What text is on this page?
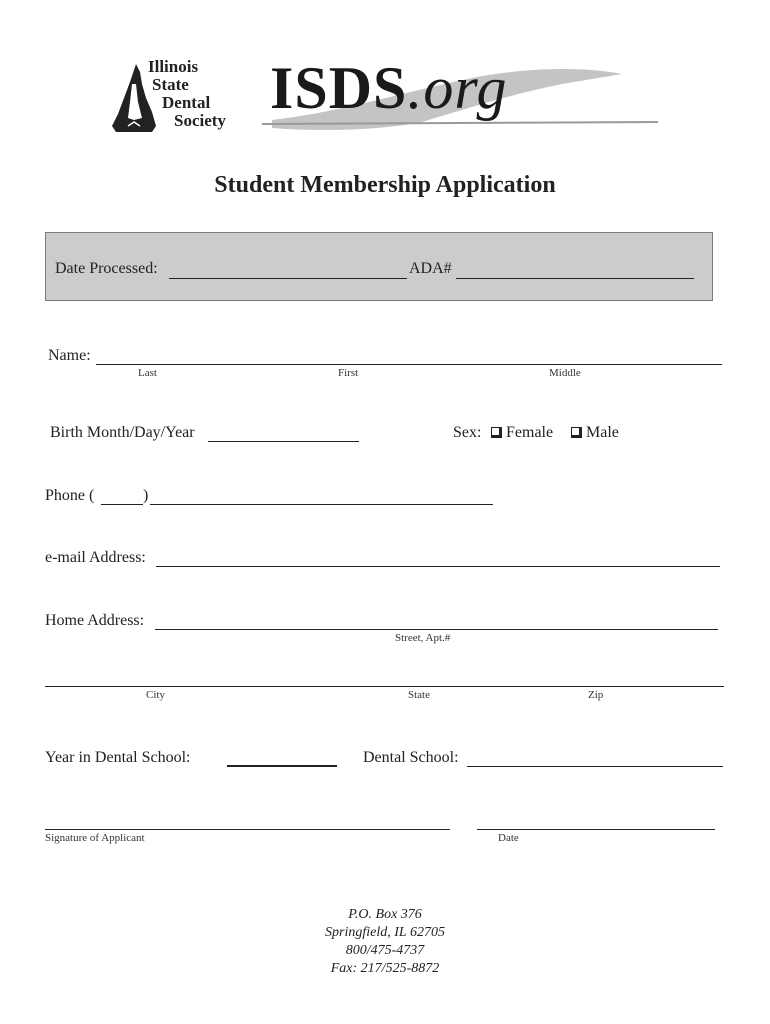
Illinois
State
Dental
Society ISDS.org
Student Membership Application
Date Processed:	ADA#
Name:
Last	First	Middle
Birth Month/Day/Year	Sex:	Female	Male
Phone (	)
e-mail Address:
Home Address:
Street, Apt.#
City	State	Zip
Year in Dental School:	Dental School:
Signature of Applicant	Date
P.O. Box 376
Springfield, IL 62705
800/475-4737
Fax: 217/525-8872
